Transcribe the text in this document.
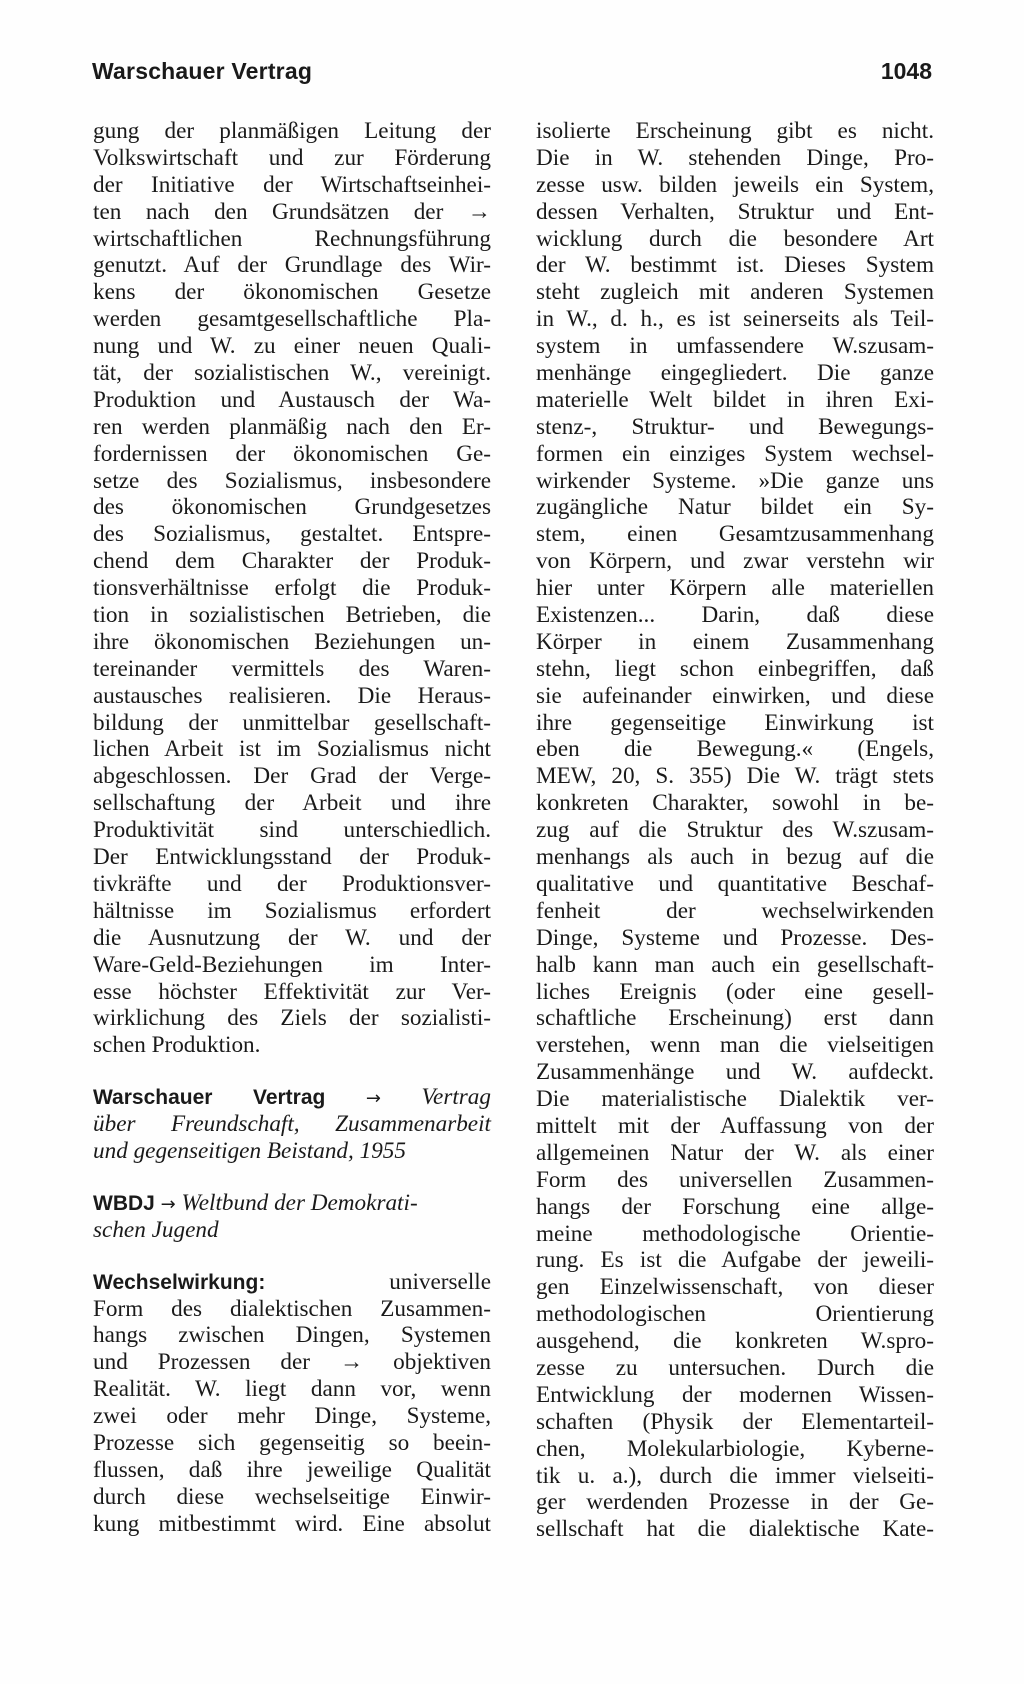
Warschauer Vertrag	1048
gung der planmäßigen Leitung der
Volkswirtschaft und zur Förderung
der Initiative der Wirtschaftseinhei-
ten nach den Grundsätzen der →
wirtschaftlichen Rechnungsführung
genutzt. Auf der Grundlage des Wir-
kens der ökonomischen Gesetze
werden gesamtgesellschaftliche Pla-
nung und W. zu einer neuen Quali-
tät, der sozialistischen W., vereinigt.
Produktion und Austausch der Wa-
ren werden planmäßig nach den Er-
fordernissen der ökonomischen Ge-
setze des Sozialismus, insbesondere
des ökonomischen Grundgesetzes
des Sozialismus, gestaltet. Entspre-
chend dem Charakter der Produk-
tionsverhältnisse erfolgt die Produk-
tion in sozialistischen Betrieben, die
ihre ökonomischen Beziehungen un-
tereinander vermittels des Waren-
austausches realisieren. Die Heraus-
bildung der unmittelbar gesellschaft-
lichen Arbeit ist im Sozialismus nicht
abgeschlossen. Der Grad der Verge-
sellschaftung der Arbeit und ihre
Produktivität sind unterschiedlich.
Der Entwicklungsstand der Produk-
tivkräfte und der Produktionsver-
hältnisse im Sozialismus erfordert
die Ausnutzung der W. und der
Ware-Geld-Beziehungen im Inter-
esse höchster Effektivität zur Ver-
wirklichung des Ziels der sozialisti-
schen Produktion.
Warschauer Vertrag → Vertrag
über Freundschaft, Zusammenarbeit
und gegenseitigen Beistand, 1955
WBDJ → Weltbund der Demokrati-
schen Jugend
Wechselwirkung:	universelle
Form des dialektischen Zusammen-
hangs zwischen Dingen, Systemen
und Prozessen der → objektiven
Realität. W. liegt dann vor, wenn
zwei oder mehr Dinge, Systeme,
Prozesse sich gegenseitig so beein-
flussen, daß ihre jeweilige Qualität
durch diese wechselseitige Einwir-
kung mitbestimmt wird. Eine absolut
isolierte Erscheinung gibt es nicht.
Die in W. stehenden Dinge, Pro-
zesse usw. bilden jeweils ein System,
dessen Verhalten, Struktur und Ent-
wicklung durch die besondere Art
der W. bestimmt ist. Dieses System
steht zugleich mit anderen Systemen
in W., d. h., es ist seinerseits als Teil-
system in umfassendere W.szusam-
menhänge eingegliedert. Die ganze
materielle Welt bildet in ihren Exi-
stenz-, Struktur- und Bewegungs-
formen ein einziges System wechsel-
wirkender Systeme. »Die ganze uns
zugängliche Natur bildet ein Sy-
stem, einen Gesamtzusammenhang
von Körpern, und zwar verstehn wir
hier unter Körpern alle materiellen
Existenzen... Darin, daß diese
Körper in einem Zusammenhang
stehn, liegt schon einbegriffen, daß
sie aufeinander einwirken, und diese
ihre gegenseitige Einwirkung ist
eben die Bewegung.« (Engels,
MEW, 20, S. 355) Die W. trägt stets
konkreten Charakter, sowohl in be-
zug auf die Struktur des W.szusam-
menhangs als auch in bezug auf die
qualitative und quantitative Beschaf-
fenheit der wechselwirkenden
Dinge, Systeme und Prozesse. Des-
halb kann man auch ein gesellschaft-
liches Ereignis (oder eine gesell-
schaftliche Erscheinung) erst dann
verstehen, wenn man die vielseitigen
Zusammenhänge und W. aufdeckt.
Die materialistische Dialektik ver-
mittelt mit der Auffassung von der
allgemeinen Natur der W. als einer
Form des universellen Zusammen-
hangs der Forschung eine allge-
meine methodologische Orientie-
rung. Es ist die Aufgabe der jeweili-
gen Einzelwissenschaft, von dieser
methodologischen Orientierung
ausgehend, die konkreten W.spro-
zesse zu untersuchen. Durch die
Entwicklung der modernen Wissen-
schaften (Physik der Elementarteil-
chen, Molekularbiologie, Kyberne-
tik u. a.), durch die immer vielseiti-
ger werdenden Prozesse in der Ge-
sellschaft hat die dialektische Kate-
